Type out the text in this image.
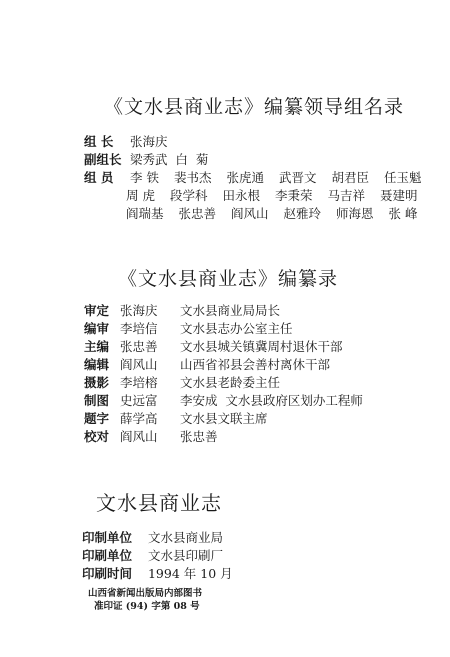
《文水县商业志》编纂领导组名录
组 长 张海庆
副组长 梁秀武  白  菊
组 员 李 铁 裴书杰 张虎通 武晋文 胡君臣 任玉魁
周 虎 段学科 田永根 李秉荣 马吉祥 聂建明
阎瑞基 张忠善 阎风山 赵雅玲 师海恩 张 峰
《文水县商业志》编纂录
审定 张海庆 文水县商业局局长
编审 李培信 文水县志办公室主任
主编 张忠善 文水县城关镇冀周村退休干部
编辑 阎风山 山西省祁县会善村离休干部
摄影 李培榕 文水县老龄委主任
制图 史远富 李安成  文水县政府区划办工程师
题字 薛学高 文水县文联主席
校对 阎风山 张忠善
文水县商业志
印制单位 文水县商业局
印刷单位 文水县印刷厂
印刷时间 1994 年 10 月
山西省新闻出版局内部图书
准印证 (94) 字第 08 号
